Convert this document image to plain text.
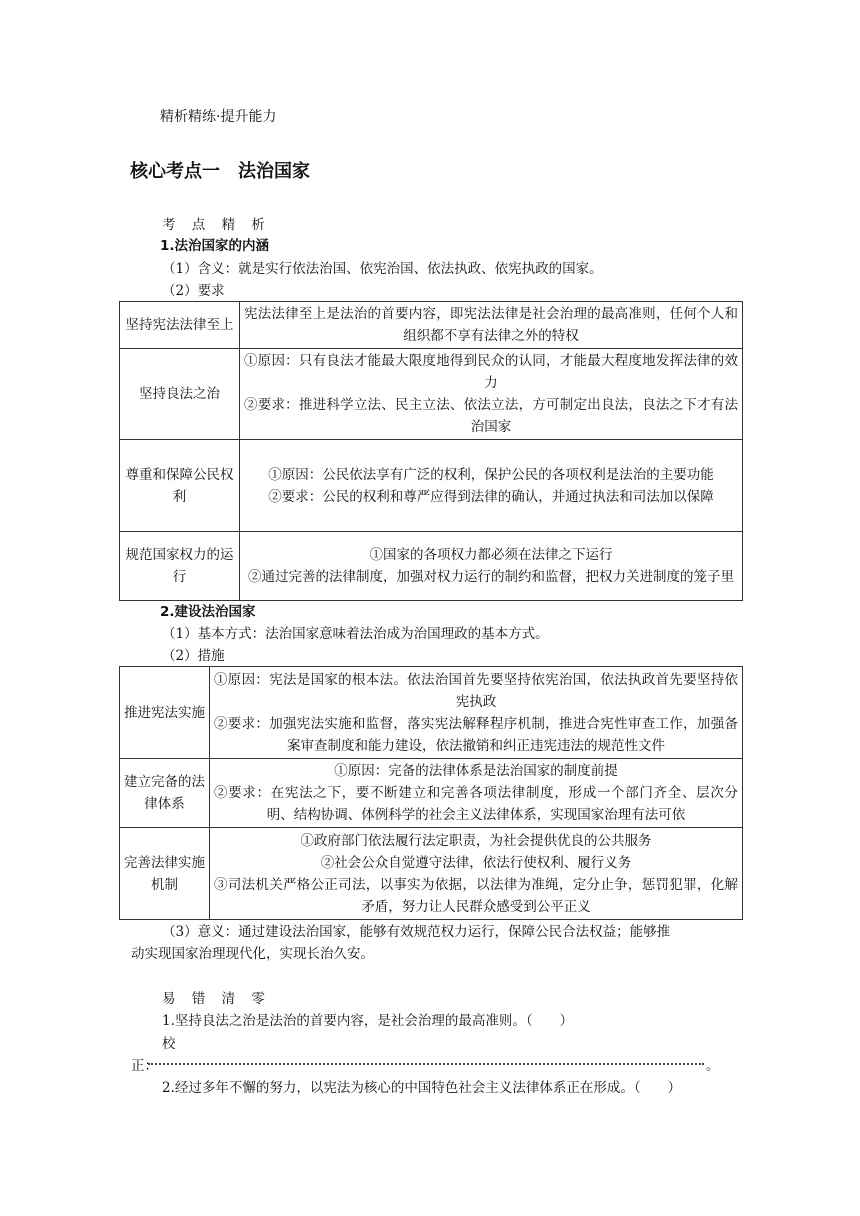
精析精练·提升能力
核心考点一　法治国家
考 点 精 析
1.法治国家的内涵
（1）含义：就是实行依法治国、依宪治国、依法执政、依宪执政的国家。
（2）要求
坚持宪法法律至上	宪法法律至上是法治的首要内容，即宪法法律是社会治理的最高准则，任何个人和组织都不享有法律之外的特权

坚持良法之治	①原因：只有良法才能最大限度地得到民众的认同，才能最大程度地发挥法律的效力
②要求：推进科学立法、民主立法、依法立法，方可制定出良法，良法之下才有法治国家

尊重和保障公民权利	①原因：公民依法享有广泛的权利，保护公民的各项权利是法治的主要功能
②要求：公民的权利和尊严应得到法律的确认，并通过执法和司法加以保障

规范国家权力的运行	①国家的各项权力都必须在法律之下运行
②通过完善的法律制度，加强对权力运行的制约和监督，把权力关进制度的笼子里
2.建设法治国家
（1）基本方式：法治国家意味着法治成为治国理政的基本方式。
（2）措施
推进宪法实施	①原因：宪法是国家的根本法。依法治国首先要坚持依宪治国，依法执政首先要坚持依宪执政
②要求：加强宪法实施和监督，落实宪法解释程序机制，推进合宪性审查工作，加强备案审查制度和能力建设，依法撤销和纠正违宪违法的规范性文件

建立完备的法律体系	①原因：完备的法律体系是法治国家的制度前提
②要求：在宪法之下，要不断建立和完善各项法律制度，形成一个部门齐全、层次分明、结构协调、体例科学的社会主义法律体系，实现国家治理有法可依

完善法律实施机制	①政府部门依法履行法定职责，为社会提供优良的公共服务
②社会公众自觉遵守法律，依法行使权利、履行义务
③司法机关严格公正司法，以事实为依据，以法律为准绳，定分止争，惩罚犯罪，化解矛盾，努力让人民群众感受到公平正义
（3）意义：通过建设法治国家，能够有效规范权力运行，保障公民合法权益；能够推
动实现国家治理现代化，实现长治久安。
易 错 清 零
1.坚持良法之治是法治的首要内容，是社会治理的最高准则。（　　）
校
正：	。
2.经过多年不懈的努力，以宪法为核心的中国特色社会主义法律体系正在形成。（　　）
